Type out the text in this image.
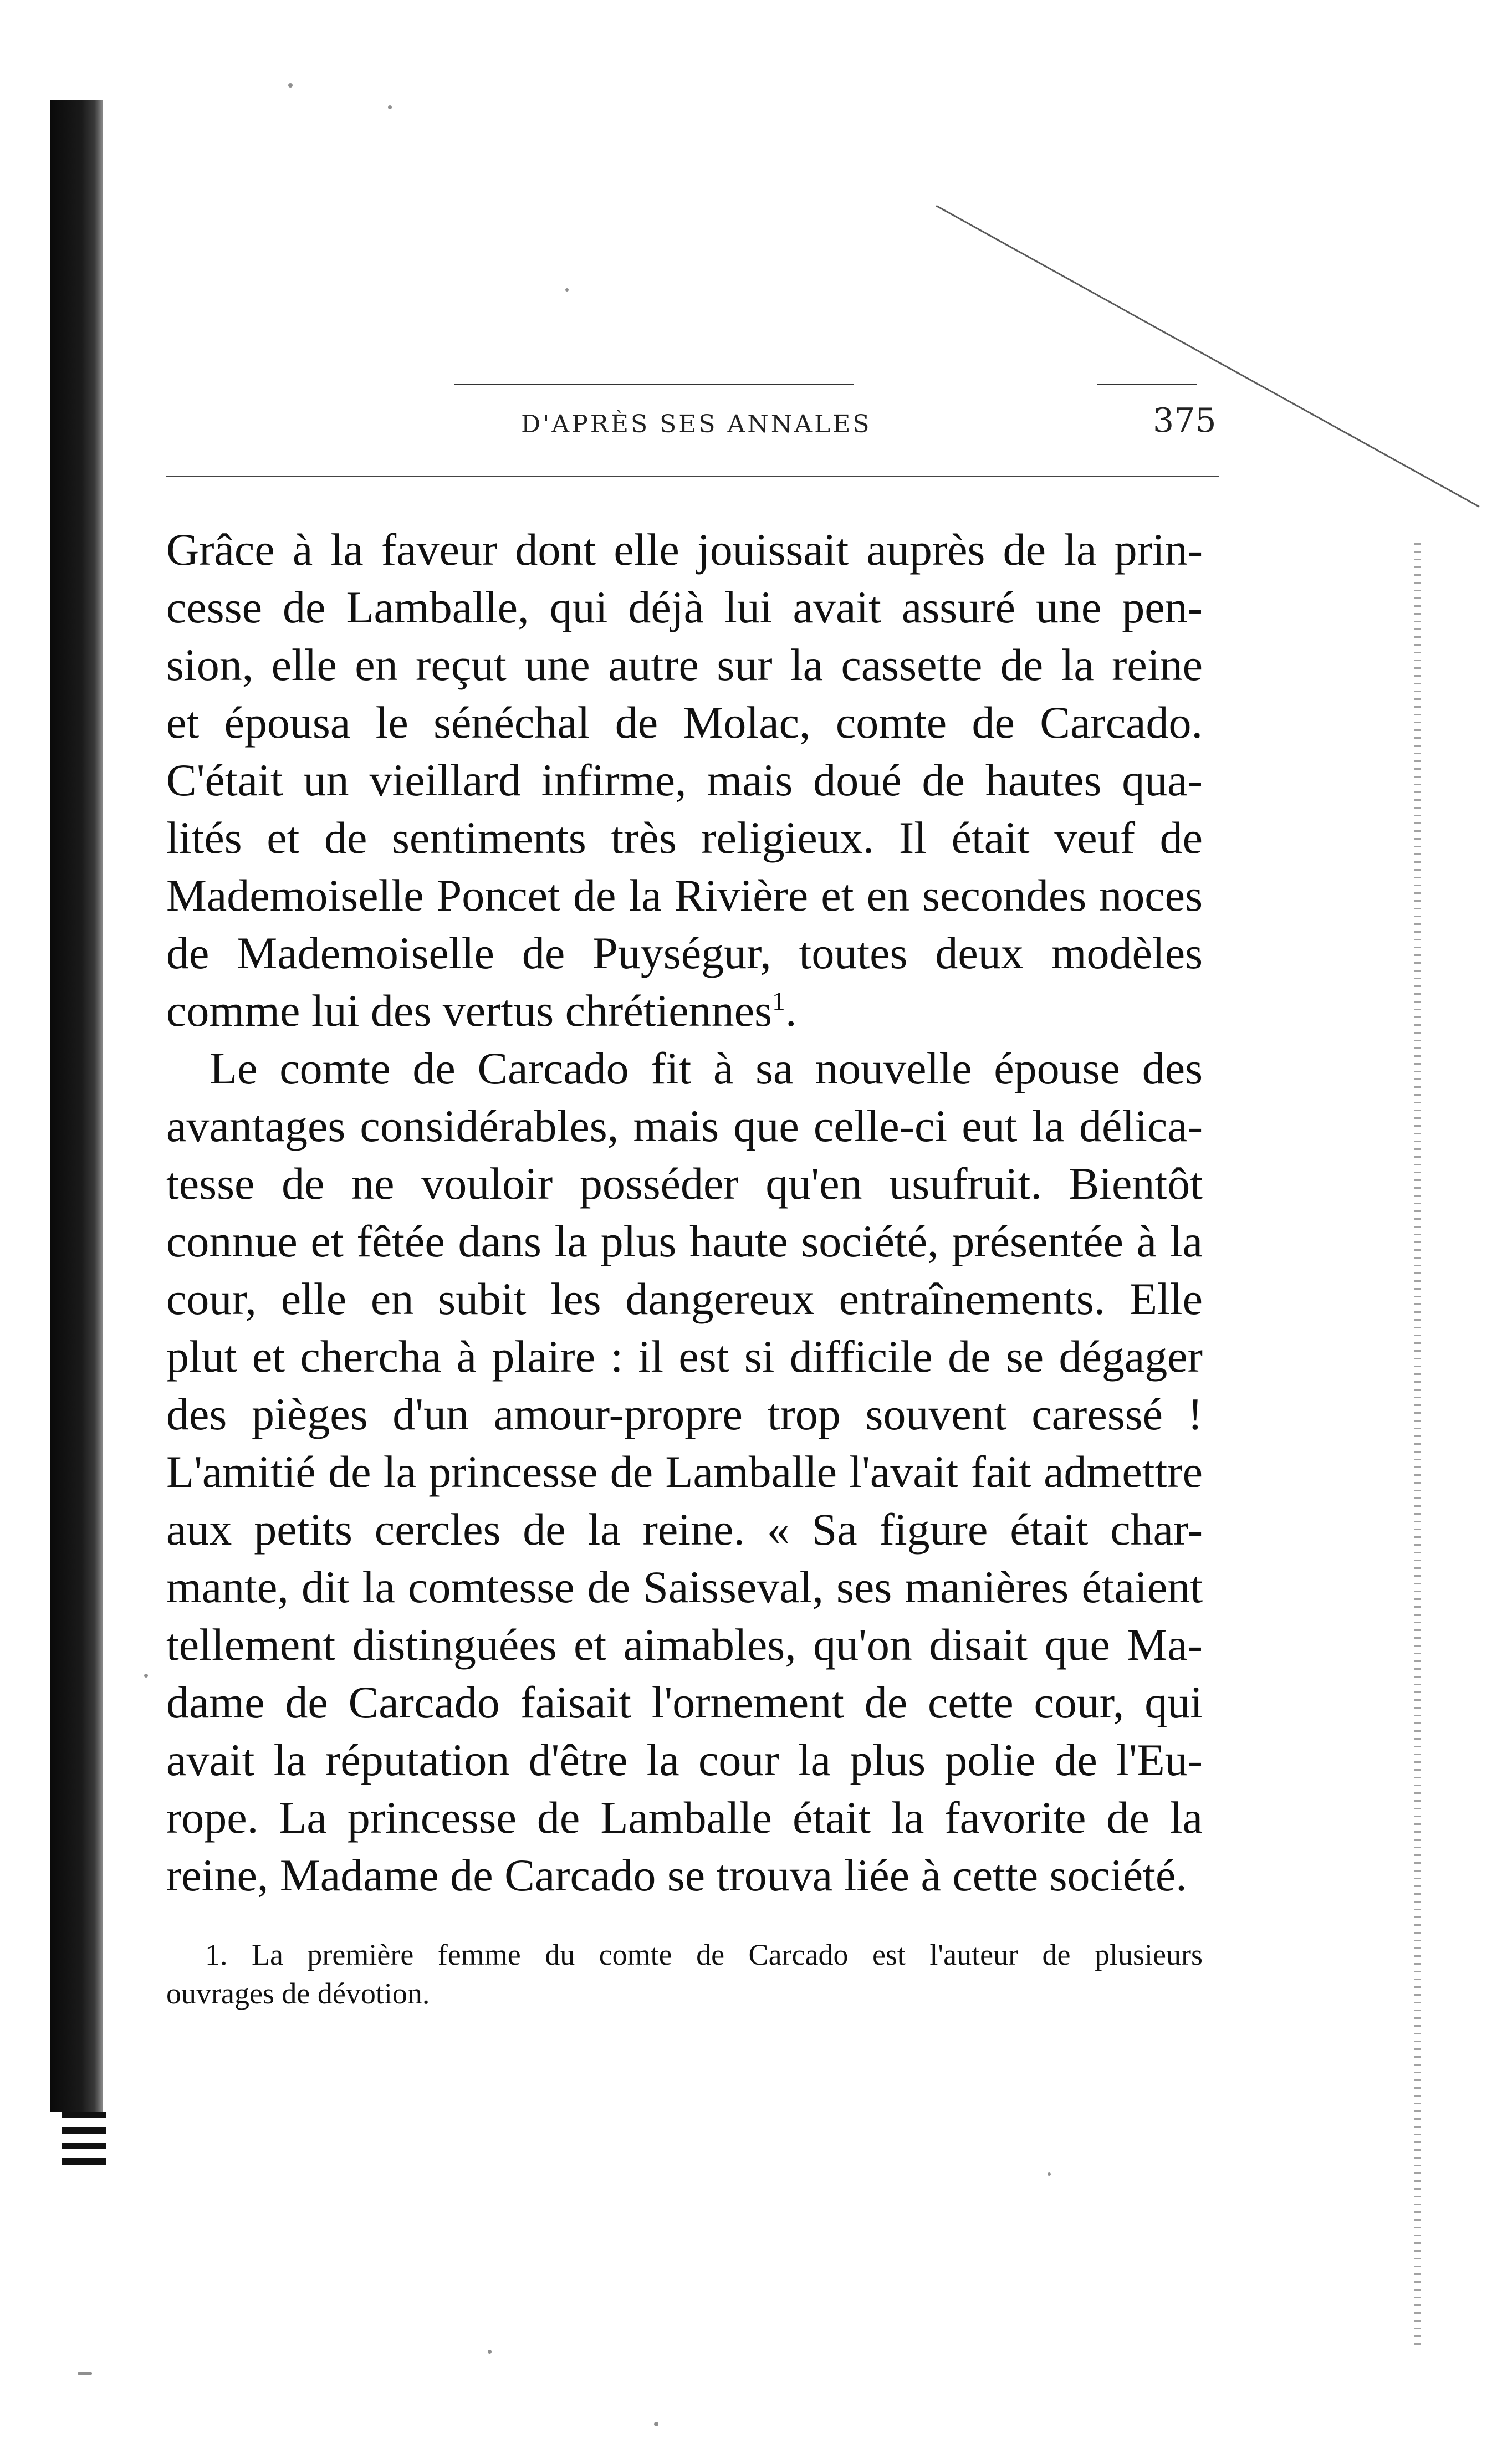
D'APRÈS SES ANNALES	375

Grâce à la faveur dont elle jouissait auprès de la prin-

cesse de Lamballe, qui déjà lui avait assuré une pen-

sion, elle en reçut une autre sur la cassette de la reine

et épousa le sénéchal de Molac, comte de Carcado.

C'était un vieillard infirme, mais doué de hautes qua-

lités et de sentiments très religieux. Il était veuf de

Mademoiselle Poncet de la Rivière et en secondes noces

de Mademoiselle de Puységur, toutes deux modèles

comme lui des vertus chrétiennes$^1$.

Le comte de Carcado fit à sa nouvelle épouse des

avantages considérables, mais que celle-ci eut la délica-

tesse de ne vouloir posséder qu'en usufruit. Bientôt

connue et fêtée dans la plus haute société, présentée à la

cour, elle en subit les dangereux entraînements. Elle

plut et chercha à plaire : il est si difficile de se dégager

des pièges d'un amour-propre trop souvent caressé !

L'amitié de la princesse de Lamballe l'avait fait admettre

aux petits cercles de la reine. « Sa figure était char-

mante, dit la comtesse de Saisseval, ses manières étaient

tellement distinguées et aimables, qu'on disait que Ma-

dame de Carcado faisait l'ornement de cette cour, qui

avait la réputation d'être la cour la plus polie de l'Eu-

rope. La princesse de Lamballe était la favorite de la

reine, Madame de Carcado se trouva liée à cette société.

1. La première femme du comte de Carcado est l'auteur de plusieurs

ouvrages de dévotion.
